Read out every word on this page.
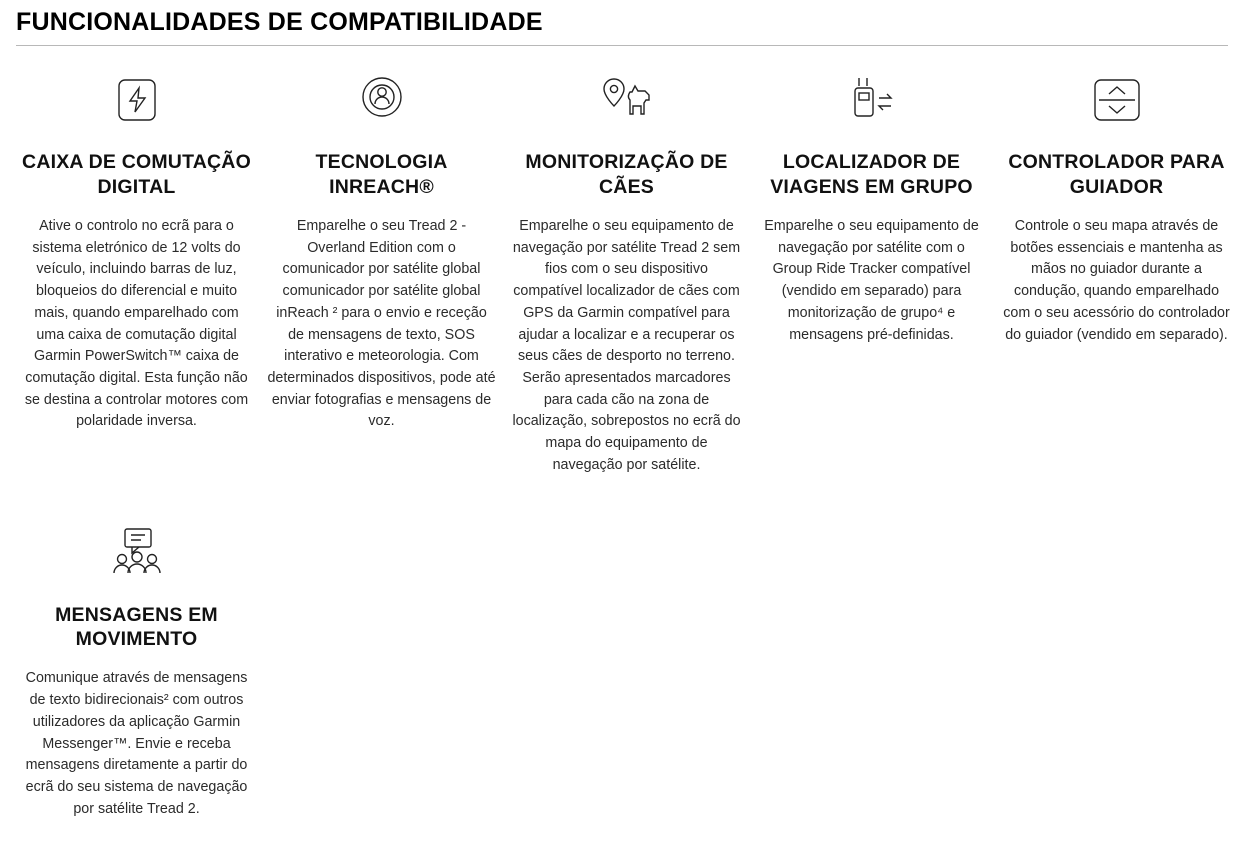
FUNCIONALIDADES DE COMPATIBILIDADE
CAIXA DE COMUTAÇÃO DIGITAL

Ative o controlo no ecrã para o sistema eletrónico de 12 volts do veículo, incluindo barras de luz, bloqueios do diferencial e muito mais, quando emparelhado com uma caixa de comutação digital Garmin PowerSwitch™ caixa de comutação digital. Esta função não se destina a controlar motores com polaridade inversa.

TECNOLOGIA INREACH®

Emparelhe o seu Tread 2 - Overland Edition com o comunicador por satélite global comunicador por satélite global inReach ² para o envio e receção de mensagens de texto, SOS interativo e meteorologia. Com determinados dispositivos, pode até enviar fotografias e mensagens de voz.

MONITORIZAÇÃO DE CÃES

Emparelhe o seu equipamento de navegação por satélite Tread 2 sem fios com o seu dispositivo compatível localizador de cães com GPS da Garmin compatível para ajudar a localizar e a recuperar os seus cães de desporto no terreno. Serão apresentados marcadores para cada cão na zona de localização, sobrepostos no ecrã do mapa do equipamento de navegação por satélite.

LOCALIZADOR DE VIAGENS EM GRUPO

Emparelhe o seu equipamento de navegação por satélite com o Group Ride Tracker compatível (vendido em separado) para monitorização de grupo⁴ e mensagens pré-definidas.

CONTROLADOR PARA GUIADOR

Controle o seu mapa através de botões essenciais e mantenha as mãos no guiador durante a condução, quando emparelhado com o seu acessório do controlador do guiador (vendido em separado).

MENSAGENS EM MOVIMENTO

Comunique através de mensagens de texto bidirecionais² com outros utilizadores da aplicação Garmin Messenger™. Envie e receba mensagens diretamente a partir do ecrã do seu sistema de navegação por satélite Tread 2.
